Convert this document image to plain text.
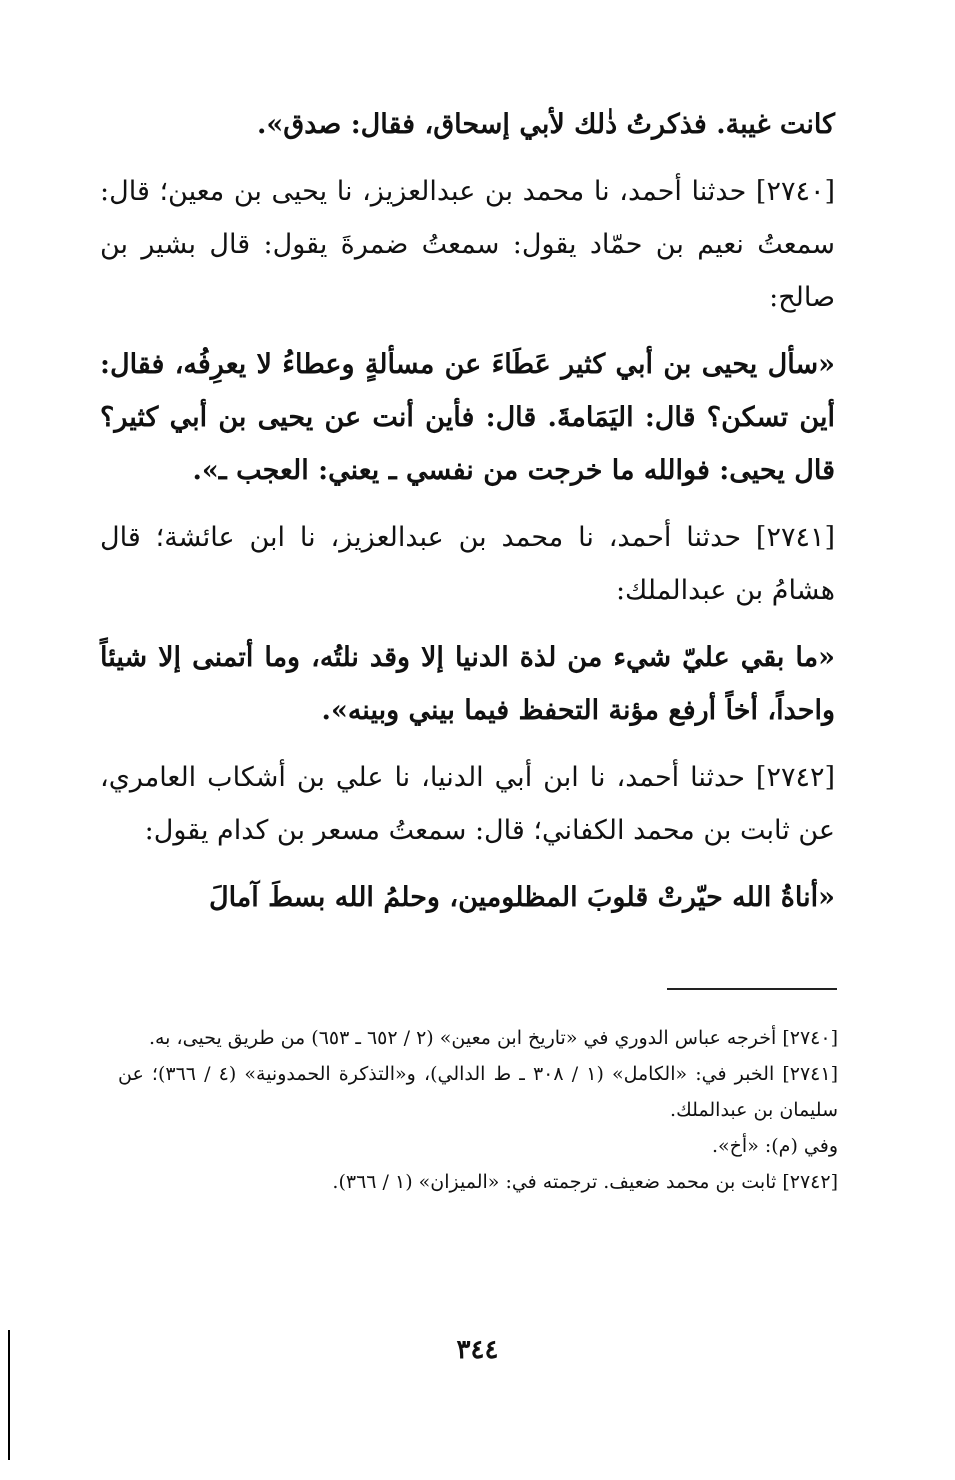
كانت غيبة. فذكرتُ ذٰلك لأبي إسحاق، فقال: صدق».

[٢٧٤٠] حدثنا أحمد، نا محمد بن عبدالعزيز، نا يحيى بن معين؛ قال: سمعتُ نعيم بن حمّاد يقول: سمعتُ ضمرةَ يقول: قال بشير بن صالح:

«سأل يحيى بن أبي كثير عَطَاءَ عن مسألةٍ وعطاءُ لا يعرِفُه، فقال: أين تسكن؟ قال: اليَمَامةَ. قال: فأين أنت عن يحيى بن أبي كثير؟ قال يحيى: فوالله ما خرجت من نفسي ـ يعني: العجب ـ».

[٢٧٤١] حدثنا أحمد، نا محمد بن عبدالعزيز، نا ابن عائشة؛ قال هشامُ بن عبدالملك:

«ما بقي عليّ شيء من لذة الدنيا إلا وقد نلتُه، وما أتمنى إلا شيئاً واحداً، أخاً أرفع مؤنة التحفظ فيما بيني وبينه».

[٢٧٤٢] حدثنا أحمد، نا ابن أبي الدنيا، نا علي بن أشكاب العامري، عن ثابت بن محمد الكفاني؛ قال: سمعتُ مسعر بن كدام يقول:

«أناةُ الله حيّرتْ قلوبَ المظلومين، وحلمُ الله بسطَ آمالَ

[٢٧٤٠] أخرجه عباس الدوري في «تاريخ ابن معين» (٢ / ٦٥٢ ـ ٦٥٣) من طريق يحيى، به.

[٢٧٤١] الخبر في: «الكامل» (١ / ٣٠٨ ـ ط الدالي)، و«التذكرة الحمدونية» (٤ / ٣٦٦)؛ عن سليمان بن عبدالملك.

وفي (م): «أخ».

[٢٧٤٢] ثابت بن محمد ضعيف. ترجمته في: «الميزان» (١ / ٣٦٦).

٣٤٤
